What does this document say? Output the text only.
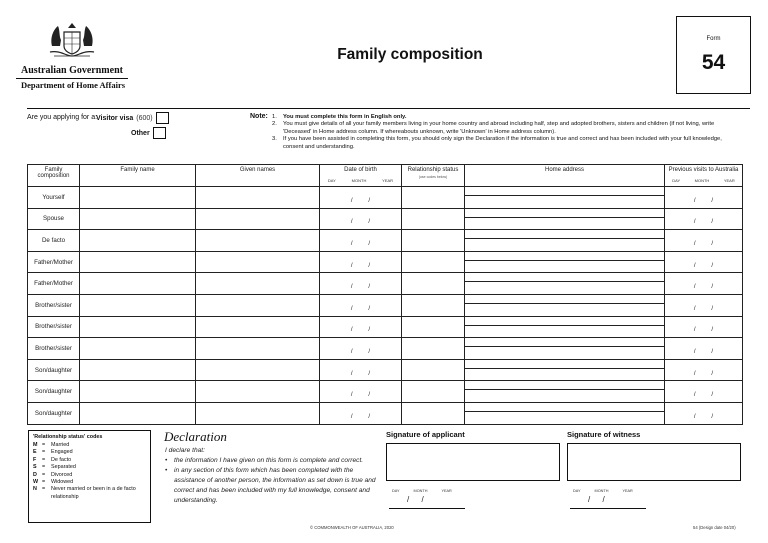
Australian Government
Department of Home Affairs
Family composition
Form
54
Are you applying for a:
Visitor visa (600)
Other
Note: 1.	You must complete this form in English only.
2.	You must give details of all your family members living in your home country and abroad including half, step and adopted brothers, sisters and children (if not living, write 'Deceased' in Home address column. If whereabouts unknown, write 'Unknown' in Home address column).
3.	If you have been assisted in completing this form, you should only sign the Declaration if the information is true and correct and has been included with your full knowledge, consent and understanding.
Family composition	Family name	Given names	Date of birth
DAY MONTH YEAR	Relationship status
(use codes below)	Home address	Previous visits to Australia
DAY MONTH YEAR

Yourself			/ /			/ /
Spouse			/ /			/ /
De facto			/ /			/ /
Father/Mother			/ /			/ /
Father/Mother			/ /			/ /
Brother/sister			/ /			/ /
Brother/sister			/ /			/ /
Brother/sister			/ /			/ /
Son/daughter			/ /			/ /
Son/daughter			/ /			/ /
Son/daughter			/ /			/ /
'Relationship status' codes
M =	Married
E =	Engaged
F	=	De facto
S =	Separated
D =	Divorced
W =	Widowed
N =	Never married or been in a de facto relationship
Declaration
I declare that:
•	the information I have given on this form is complete and correct.
•	in any section of this form which has been completed with the assistance of another person, the information as set down is true and correct and has been included with my full knowledge, consent and understanding.
Signature of applicant
DAY	MONTH	YEAR
/ /
Signature of witness
DAY	MONTH	YEAR
/ /
© COMMONWEALTH OF AUSTRALIA, 2020	54 (Design date 04/20)
